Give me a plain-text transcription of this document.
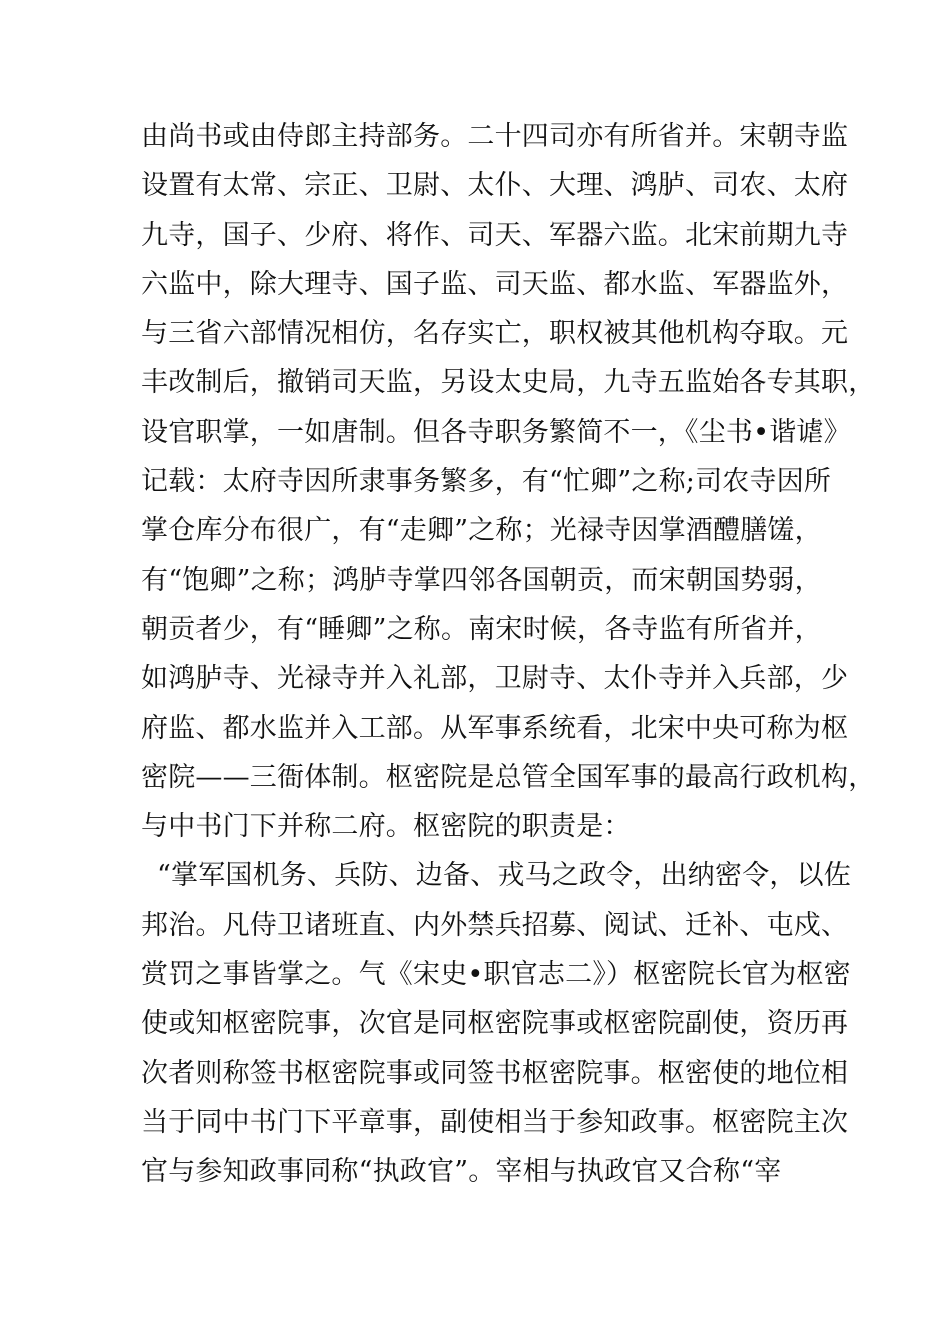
由尚书或由侍郎主持部务。二十四司亦有所省并。宋朝寺监
设置有太常、宗正、卫尉、太仆、大理、鸿胪、司农、太府
九寺，国子、少府、将作、司天、军器六监。北宋前期九寺
六监中，除大理寺、国子监、司天监、都水监、军器监外，
与三省六部情况相仿，名存实亡，职权被其他机构夺取。元
丰改制后，撤销司天监，另设太史局，九寺五监始各专其职，
设官职掌，一如唐制。但各寺职务繁简不一，《尘书•谐谑》
记载：太府寺因所隶事务繁多，有“忙卿”之称;司农寺因所
掌仓库分布很广，有“走卿”之称；光禄寺因掌酒醴膳馐，
有“饱卿”之称；鸿胪寺掌四邻各国朝贡，而宋朝国势弱，
朝贡者少，有“睡卿”之称。南宋时候，各寺监有所省并，
如鸿胪寺、光禄寺并入礼部，卫尉寺、太仆寺并入兵部，少
府监、都水监并入工部。从军事系统看，北宋中央可称为枢
密院——三衙体制。枢密院是总管全国军事的最高行政机构，
与中书门下并称二府。枢密院的职责是：
“掌军国机务、兵防、边备、戎马之政令，出纳密令，以佐
邦治。凡侍卫诸班直、内外禁兵招募、阅试、迁补、屯戍、
赏罚之事皆掌之。气《宋史•职官志二》）枢密院长官为枢密
使或知枢密院事，次官是同枢密院事或枢密院副使，资历再
次者则称签书枢密院事或同签书枢密院事。枢密使的地位相
当于同中书门下平章事，副使相当于参知政事。枢密院主次
官与参知政事同称“执政官”。宰相与执政官又合称“宰
